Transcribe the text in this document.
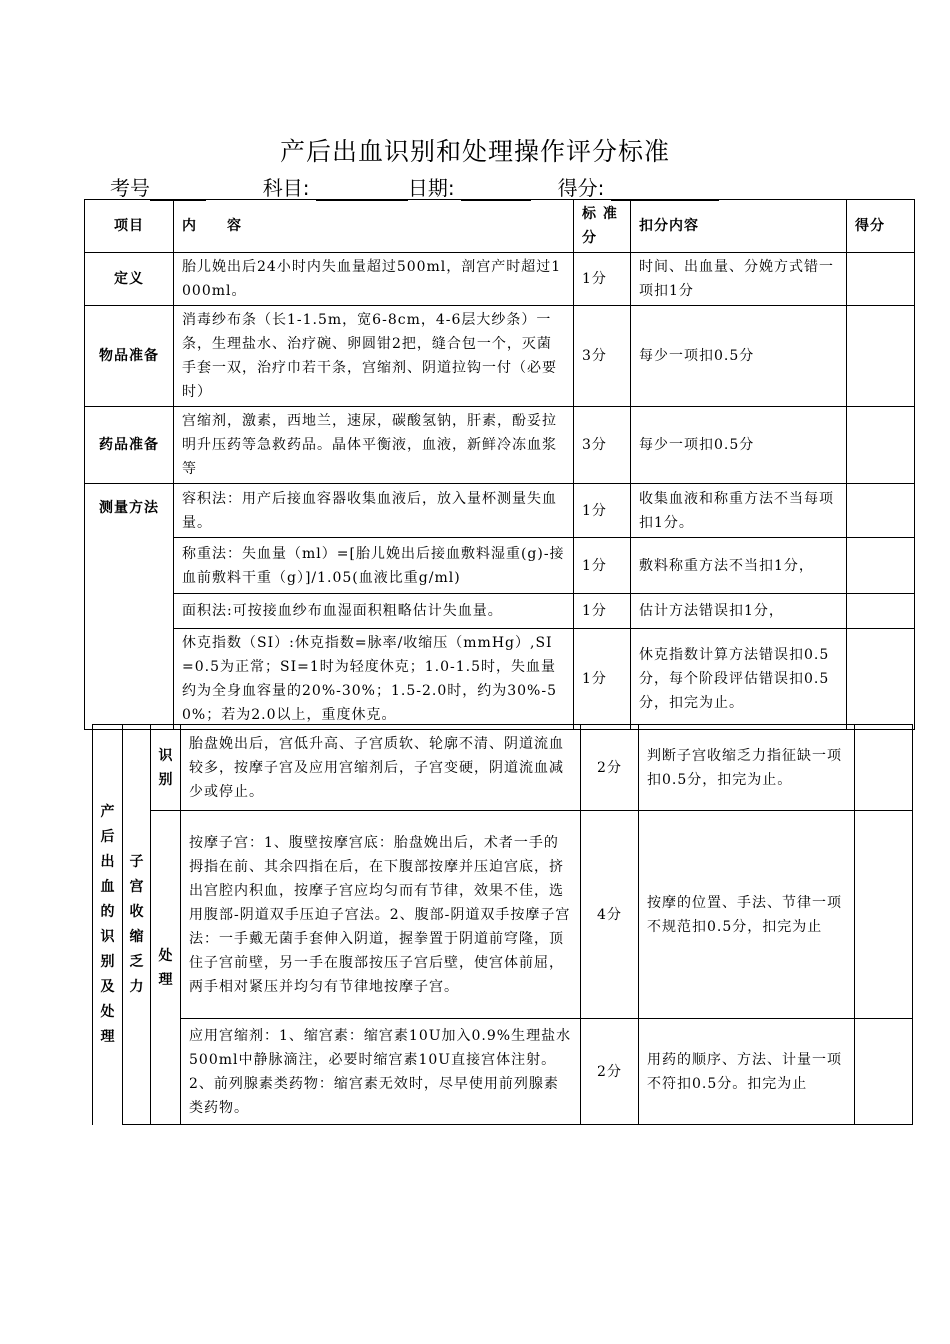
产后出血识别和处理操作评分标准
考号	科目:	日期:	得分:
项目	内　　容	标 准 分	扣分内容	得分
定义	胎儿娩出后24小时内失血量超过500ml，剖宫产时超过1000ml。	1分	时间、出血量、分娩方式错一项扣1分	
物品准备	消毒纱布条（长1-1.5m，宽6-8cm，4-6层大纱条）一条，生理盐水、治疗碗、卵圆钳2把，缝合包一个，灭菌手套一双，治疗巾若干条，宫缩剂、阴道拉钩一付（必要时）	3分	每少一项扣0.5分	
药品准备	宫缩剂，激素，西地兰，速尿，碳酸氢钠，肝素，酚妥拉明升压药等急救药品。晶体平衡液，血液，新鲜冷冻血浆等	3分	每少一项扣0.5分	
测量方法	容积法：用产后接血容器收集血液后，放入量杯测量失血量。	1分	收集血液和称重方法不当每项扣1分。	
	称重法：失血量（ml）=[胎儿娩出后接血敷料湿重(g)-接血前敷料干重（g）]/1.05(血液比重g/ml)	1分	敷料称重方法不当扣1分，	
	面积法:可按接血纱布血湿面积粗略估计失血量。	1分	估计方法错误扣1分，	
	休克指数（SI）:休克指数=脉率/收缩压（mmHg）,SI=0.5为正常；SI=1时为轻度休克；1.0-1.5时，失血量约为全身血容量的20%-30%；1.5-2.0时，约为30%-50%；若为2.0以上，重度休克。	1分	休克指数计算方法错误扣0.5分，每个阶段评估错误扣0.5分，扣完为止。	
产后出血的识别及处理	子宫收缩乏力	识别	胎盘娩出后，宫低升高、子宫质软、轮廓不清、阴道流血较多，按摩子宫及应用宫缩剂后，子宫变硬，阴道流血减少或停止。	2分	判断子宫收缩乏力指征缺一项扣0.5分，扣完为止。	

		处理	按摩子宫：1、腹壁按摩宫底：胎盘娩出后，术者一手的拇指在前、其余四指在后，在下腹部按摩并压迫宫底，挤出宫腔内积血，按摩子宫应均匀而有节律，效果不佳，选用腹部-阴道双手压迫子宫法。2、腹部-阴道双手按摩子宫法：一手戴无菌手套伸入阴道，握拳置于阴道前穹隆，顶住子宫前壁，另一手在腹部按压子宫后壁，使宫体前屈，两手相对紧压并均匀有节律地按摩子宫。	4分	按摩的位置、手法、节律一项不规范扣0.5分，扣完为止	
			应用宫缩剂：1、缩宫素：缩宫素10U加入0.9%生理盐水500ml中静脉滴注，必要时缩宫素10U直接宫体注射。2、前列腺素类药物：缩宫素无效时，尽早使用前列腺素类药物。	2分	用药的顺序、方法、计量一项不符扣0.5分。扣完为止	
